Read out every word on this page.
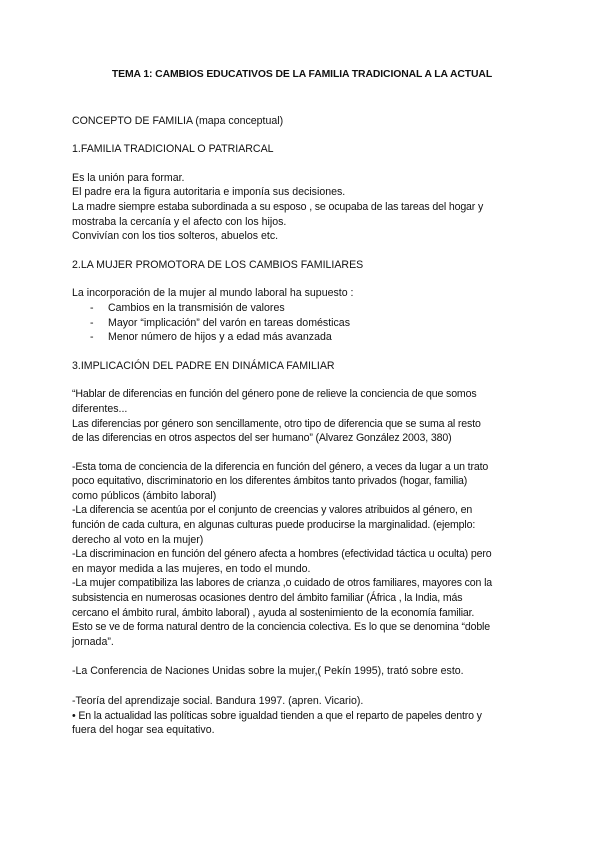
TEMA 1: CAMBIOS EDUCATIVOS DE LA FAMILIA TRADICIONAL A LA ACTUAL

CONCEPTO DE FAMILIA (mapa conceptual)

1.FAMILIA TRADICIONAL O PATRIARCAL

Es la unión para formar.

El padre era la figura autoritaria e imponía sus decisiones.

La madre siempre estaba subordinada a su esposo , se ocupaba de las tareas del hogar y

mostraba la cercanía y el afecto con los hijos.

Convivían con los tios solteros, abuelos etc.

2.LA MUJER PROMOTORA DE LOS CAMBIOS FAMILIARES

La incorporación de la mujer al mundo laboral ha supuesto :

- Cambios en la transmisión de valores
- Mayor “implicación” del varón en tareas domésticas
- Menor número de hijos y a edad más avanzada

3.IMPLICACIÓN DEL PADRE EN DINÁMICA FAMILIAR

“Hablar de diferencias en función del género pone de relieve la conciencia de que somos

diferentes...

Las diferencias por género son sencillamente, otro tipo de diferencia que se suma al resto

de las diferencias en otros aspectos del ser humano” (Alvarez González 2003, 380)

-Esta toma de conciencia de la diferencia en función del género, a veces da lugar a un trato

poco equitativo, discriminatorio en los diferentes ámbitos tanto privados (hogar, familia)

como públicos (ámbito laboral)

-La diferencia se acentúa por el conjunto de creencias y valores atribuidos al género, en

función de cada cultura, en algunas culturas puede producirse la marginalidad. (ejemplo:

derecho al voto en la mujer)

-La discriminacion en función del género afecta a hombres (efectividad táctica u oculta) pero

en mayor medida a las mujeres, en todo el mundo.

-La mujer compatibiliza las labores de crianza ,o cuidado de otros familiares, mayores con la

subsistencia en numerosas ocasiones dentro del ámbito familiar (África , la India, más

cercano el ámbito rural, ámbito laboral) , ayuda al sostenimiento de la economía familiar.

Esto se ve de forma natural dentro de la conciencia colectiva. Es lo que se denomina “doble

jornada”.

-La Conferencia de Naciones Unidas sobre la mujer,( Pekín 1995), trató sobre esto.

-Teoría del aprendizaje social. Bandura 1997. (apren. Vicario).

• En la actualidad las políticas sobre igualdad tienden a que el reparto de papeles dentro y

fuera del hogar sea equitativo.
